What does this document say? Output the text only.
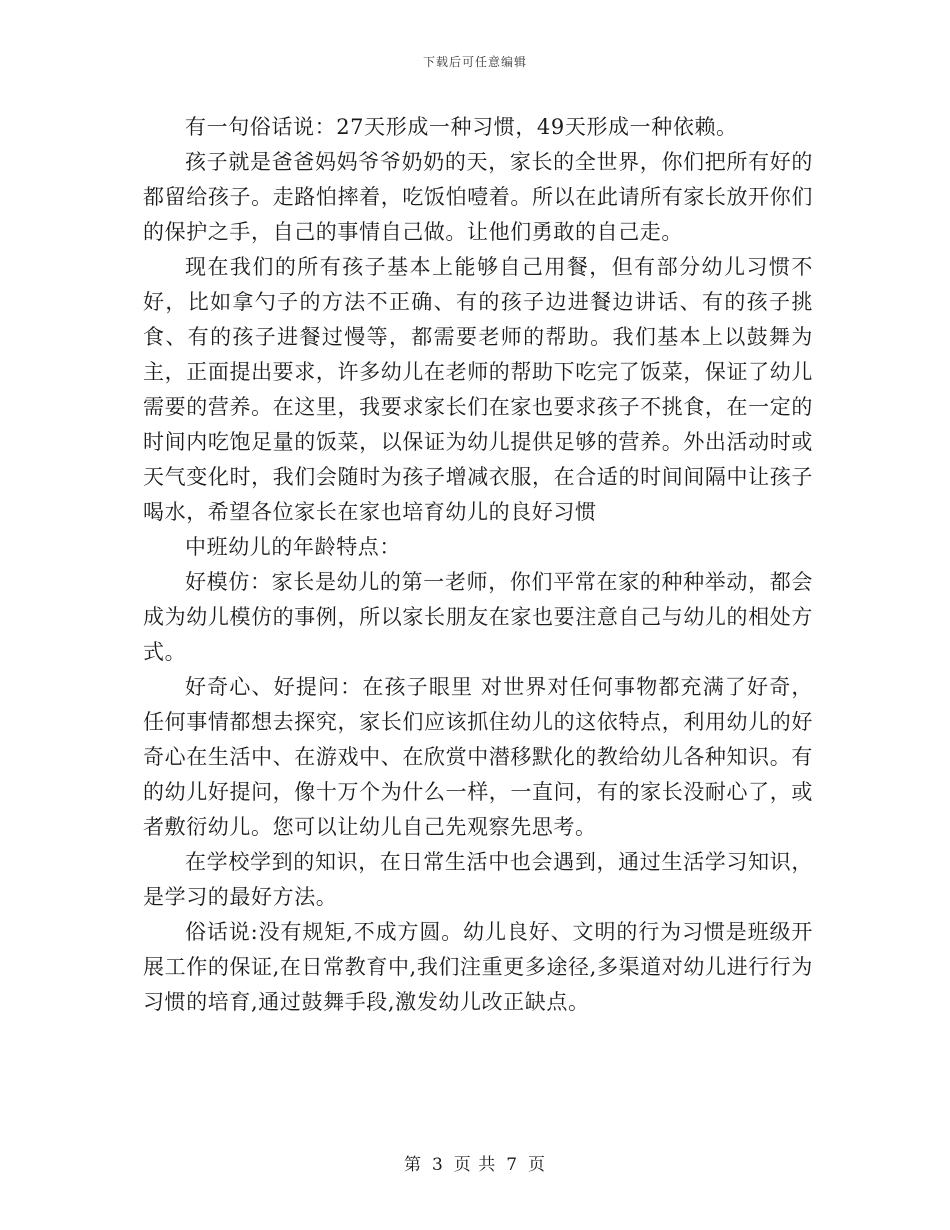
下载后可任意编辑

有一句俗话说：27天形成一种习惯，49天形成一种依赖。

孩子就是爸爸妈妈爷爷奶奶的天，家长的全世界，你们把所有好的都留给孩子。走路怕摔着，吃饭怕噎着。所以在此请所有家长放开你们的保护之手，自己的事情自己做。让他们勇敢的自己走。

现在我们的所有孩子基本上能够自己用餐，但有部分幼儿习惯不好，比如拿勺子的方法不正确、有的孩子边进餐边讲话、有的孩子挑食、有的孩子进餐过慢等，都需要老师的帮助。我们基本上以鼓舞为主，正面提出要求，许多幼儿在老师的帮助下吃完了饭菜，保证了幼儿需要的营养。在这里，我要求家长们在家也要求孩子不挑食，在一定的时间内吃饱足量的饭菜，以保证为幼儿提供足够的营养。外出活动时或天气变化时，我们会随时为孩子增减衣服，在合适的时间间隔中让孩子喝水，希望各位家长在家也培育幼儿的良好习惯

中班幼儿的年龄特点：

好模仿：家长是幼儿的第一老师，你们平常在家的种种举动，都会成为幼儿模仿的事例，所以家长朋友在家也要注意自己与幼儿的相处方式。

好奇心、好提问：在孩子眼里 对世界对任何事物都充满了好奇，任何事情都想去探究，家长们应该抓住幼儿的这依特点，利用幼儿的好奇心在生活中、在游戏中、在欣赏中潜移默化的教给幼儿各种知识。有的幼儿好提问，像十万个为什么一样，一直问，有的家长没耐心了，或者敷衍幼儿。您可以让幼儿自己先观察先思考。

在学校学到的知识，在日常生活中也会遇到，通过生活学习知识，是学习的最好方法。

俗话说:没有规矩,不成方圆。幼儿良好、文明的行为习惯是班级开展工作的保证,在日常教育中,我们注重更多途径,多渠道对幼儿进行行为习惯的培育,通过鼓舞手段,激发幼儿改正缺点。

第 3 页 共 7 页
